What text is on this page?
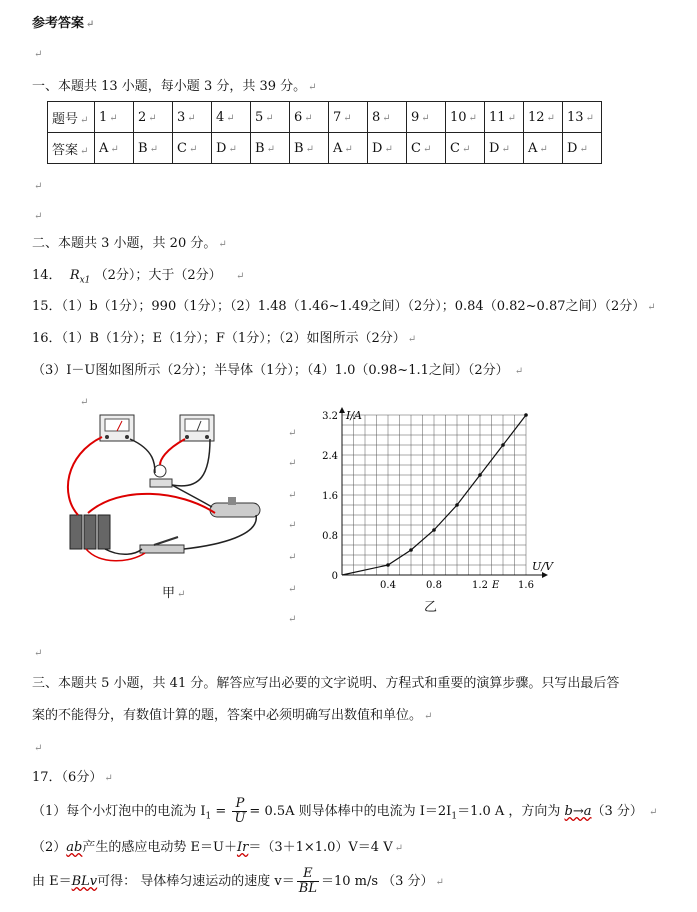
参考答案 ↵
↵
一、本题共 13 小题，每小题 3 分，共 39 分。 ↵
题号 ↵	1 ↵	2 ↵	3 ↵	4 ↵	5 ↵	6 ↵	7 ↵	8 ↵	9 ↵	10 ↵	11 ↵	12 ↵	13 ↵
答案 ↵	A ↵	B ↵	C ↵	D ↵	B ↵	B ↵	A ↵	D ↵	C ↵	C ↵	D ↵	A ↵	D ↵
↵
↵
二、本题共 3 小题，共 20 分。 ↵
14． $R_{x1}$ （2分）；大于（2分） ↵
15．（1）b（1分）；990（1分）；（2）1.48（1.46~1.49之间）（2分）；0.84（0.82~0.87之间）（2分） ↵
16．（1）B（1分）；E（1分）；F（1分）；（2）如图所示（2分） ↵
（3）I－U图如图所示（2分）；半导体（1分）；（4）1.0（0.98~1.1之间）（2分） ↵
↵
甲 ↵
↵
↵
↵
↵
↵
↵
↵
I/A
U/V
3.2
2.4
1.6
0.8
0
0.4	0.8	1.2	1.6
E
乙
↵
三、本题共 5 小题，共 41 分。解答应写出必要的文字说明、方程式和重要的演算步骤。只写出最后答
案的不能得分，有数值计算的题，答案中必须明确写出数值和单位。 ↵
↵
17．（6分） ↵
（1）每个小灯泡中的电流为 $I_1 = \frac{P}{U} = 0.5A$ 则导体棒中的电流为 $I=2I_1=1.0$ A ，方向为 b→a（3 分） ↵
（2）ab产生的感应电动势 E＝U＋Ir＝（3＋1×1.0）V＝4 V ↵
由 E＝BLv可得： 导体棒匀速运动的速度 $v= \frac{E}{BL} =10$ m/s （3 分） ↵
